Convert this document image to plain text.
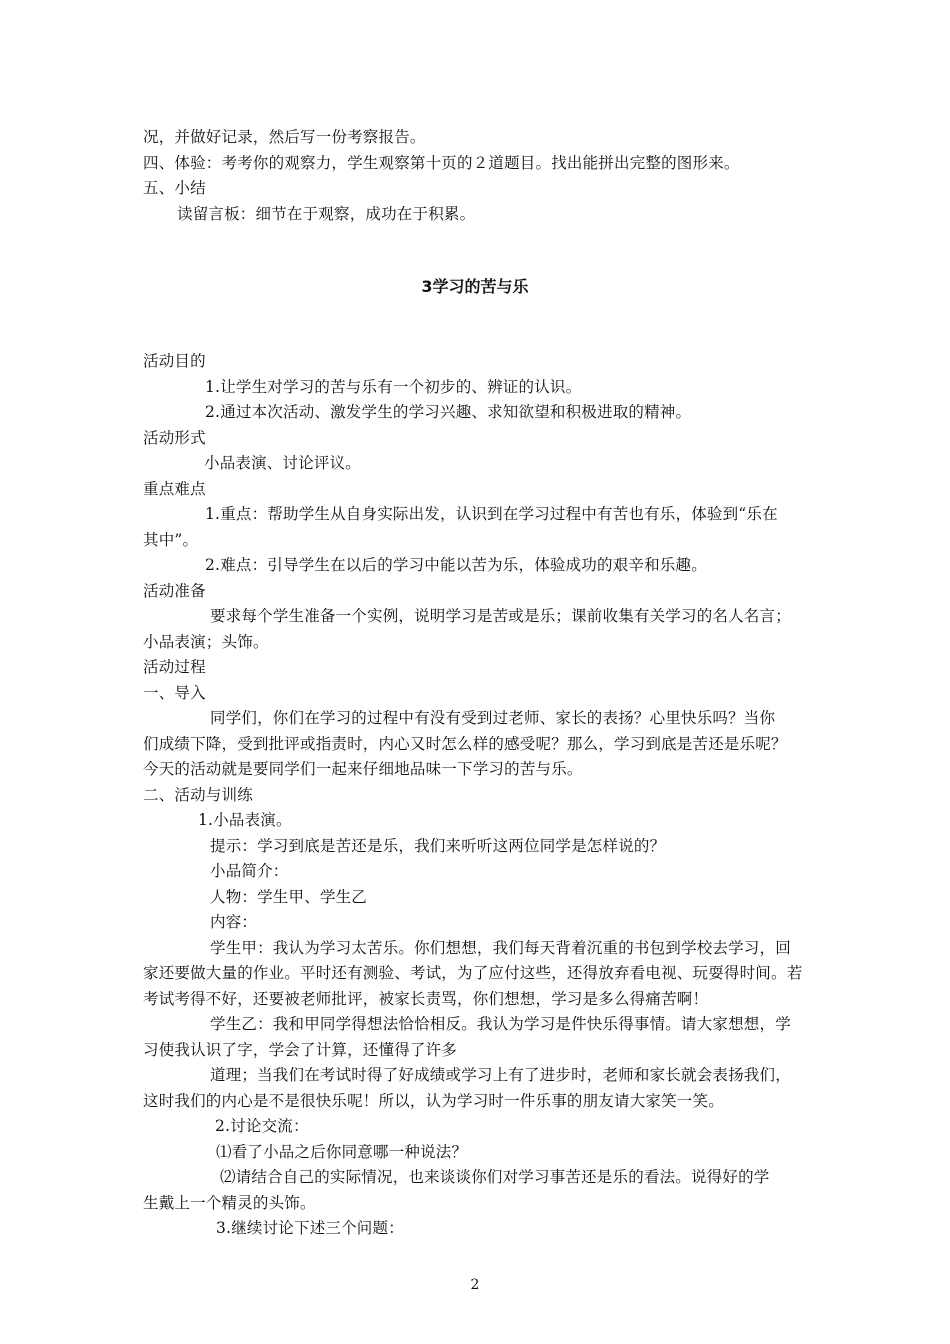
况，并做好记录，然后写一份考察报告。
四、体验：考考你的观察力，学生观察第十页的２道题目。找出能拼出完整的图形来。
五、小结
读留言板：细节在于观察，成功在于积累。
3学习的苦与乐
活动目的
1.让学生对学习的苦与乐有一个初步的、辨证的认识。
2.通过本次活动、激发学生的学习兴趣、求知欲望和积极进取的精神。
活动形式
小品表演、讨论评议。
重点难点
1.重点：帮助学生从自身实际出发，认识到在学习过程中有苦也有乐，体验到“乐在
其中”。
2.难点：引导学生在以后的学习中能以苦为乐，体验成功的艰辛和乐趣。
活动准备
要求每个学生准备一个实例，说明学习是苦或是乐；课前收集有关学习的名人名言；
小品表演；头饰。
活动过程
一、导入
同学们，你们在学习的过程中有没有受到过老师、家长的表扬？心里快乐吗？当你
们成绩下降，受到批评或指责时，内心又时怎么样的感受呢？那么，学习到底是苦还是乐呢？
今天的活动就是要同学们一起来仔细地品味一下学习的苦与乐。
二、活动与训练
1.小品表演。
提示：学习到底是苦还是乐，我们来听听这两位同学是怎样说的？
小品简介：
人物：学生甲、学生乙
内容：
学生甲：我认为学习太苦乐。你们想想，我们每天背着沉重的书包到学校去学习，回
家还要做大量的作业。平时还有测验、考试，为了应付这些，还得放弃看电视、玩耍得时间。若
考试考得不好，还要被老师批评，被家长责骂，你们想想，学习是多么得痛苦啊！
学生乙：我和甲同学得想法恰恰相反。我认为学习是件快乐得事情。请大家想想，学
习使我认识了字，学会了计算，还懂得了许多
道理；当我们在考试时得了好成绩或学习上有了进步时，老师和家长就会表扬我们，
这时我们的内心是不是很快乐呢！所以，认为学习时一件乐事的朋友请大家笑一笑。
2.讨论交流：
⑴看了小品之后你同意哪一种说法？
⑵请结合自己的实际情况，也来谈谈你们对学习事苦还是乐的看法。说得好的学
生戴上一个精灵的头饰。
3.继续讨论下述三个问题：
2
